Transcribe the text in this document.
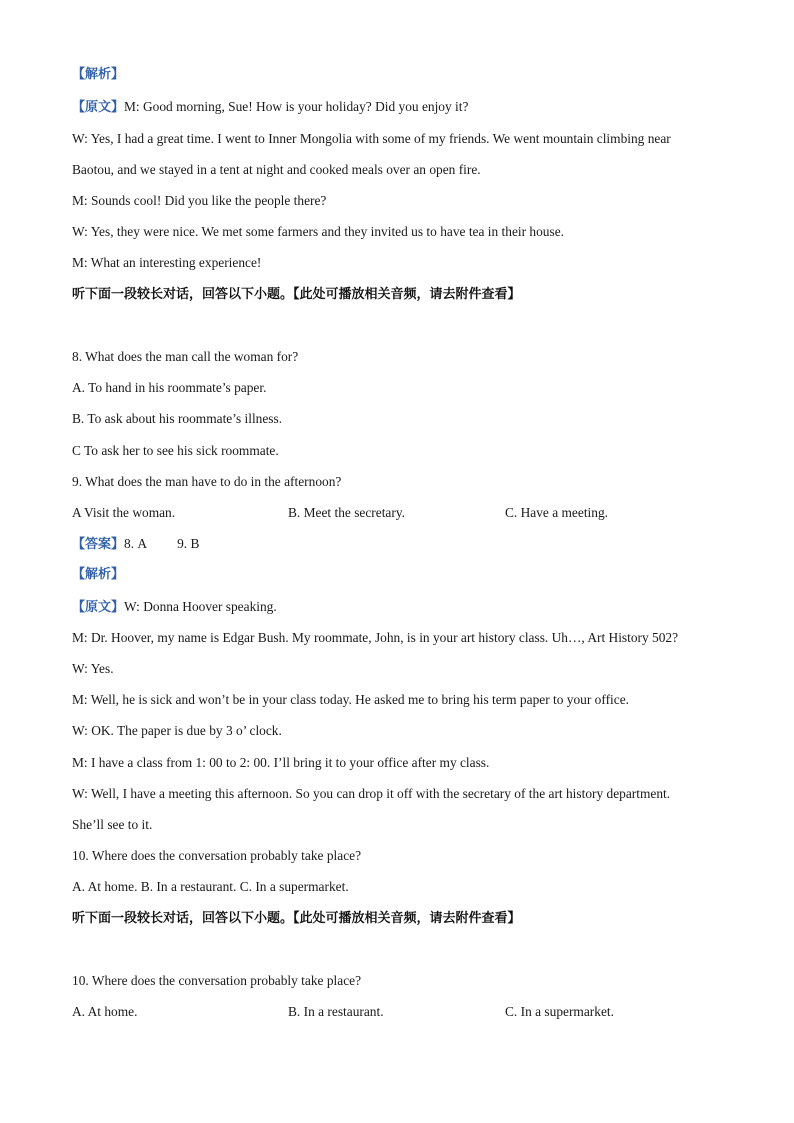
【解析】
【原文】M: Good morning, Sue! How is your holiday? Did you enjoy it?
W: Yes, I had a great time. I went to Inner Mongolia with some of my friends. We went mountain climbing near
Baotou, and we stayed in a tent at night and cooked meals over an open fire.
M: Sounds cool! Did you like the people there?
W: Yes, they were nice. We met some farmers and they invited us to have tea in their house.
M: What an interesting experience!
听下面一段较长对话，回答以下小题。【此处可播放相关音频，请去附件查看】
8. What does the man call the woman for?
A. To hand in his roommate’s paper.
B. To ask about his roommate’s illness.
C To ask her to see his sick roommate.
9. What does the man have to do in the afternoon?
A Visit the woman.	B. Meet the secretary.	C. Have a meeting.
【答案】8. A 9. B
【解析】
【原文】W: Donna Hoover speaking.
M: Dr. Hoover, my name is Edgar Bush. My roommate, John, is in your art history class. Uh…, Art History 502?
W: Yes.
M: Well, he is sick and won’t be in your class today. He asked me to bring his term paper to your office.
W: OK. The paper is due by 3 o’ clock.
M: I have a class from 1: 00 to 2: 00. I’ll bring it to your office after my class.
W: Well, I have a meeting this afternoon. So you can drop it off with the secretary of the art history department.
She’ll see to it.
10. Where does the conversation probably take place?
A. At home. B. In a restaurant. C. In a supermarket.
听下面一段较长对话，回答以下小题。【此处可播放相关音频，请去附件查看】
10. Where does the conversation probably take place?
A. At home.	B. In a restaurant.	C. In a supermarket.
